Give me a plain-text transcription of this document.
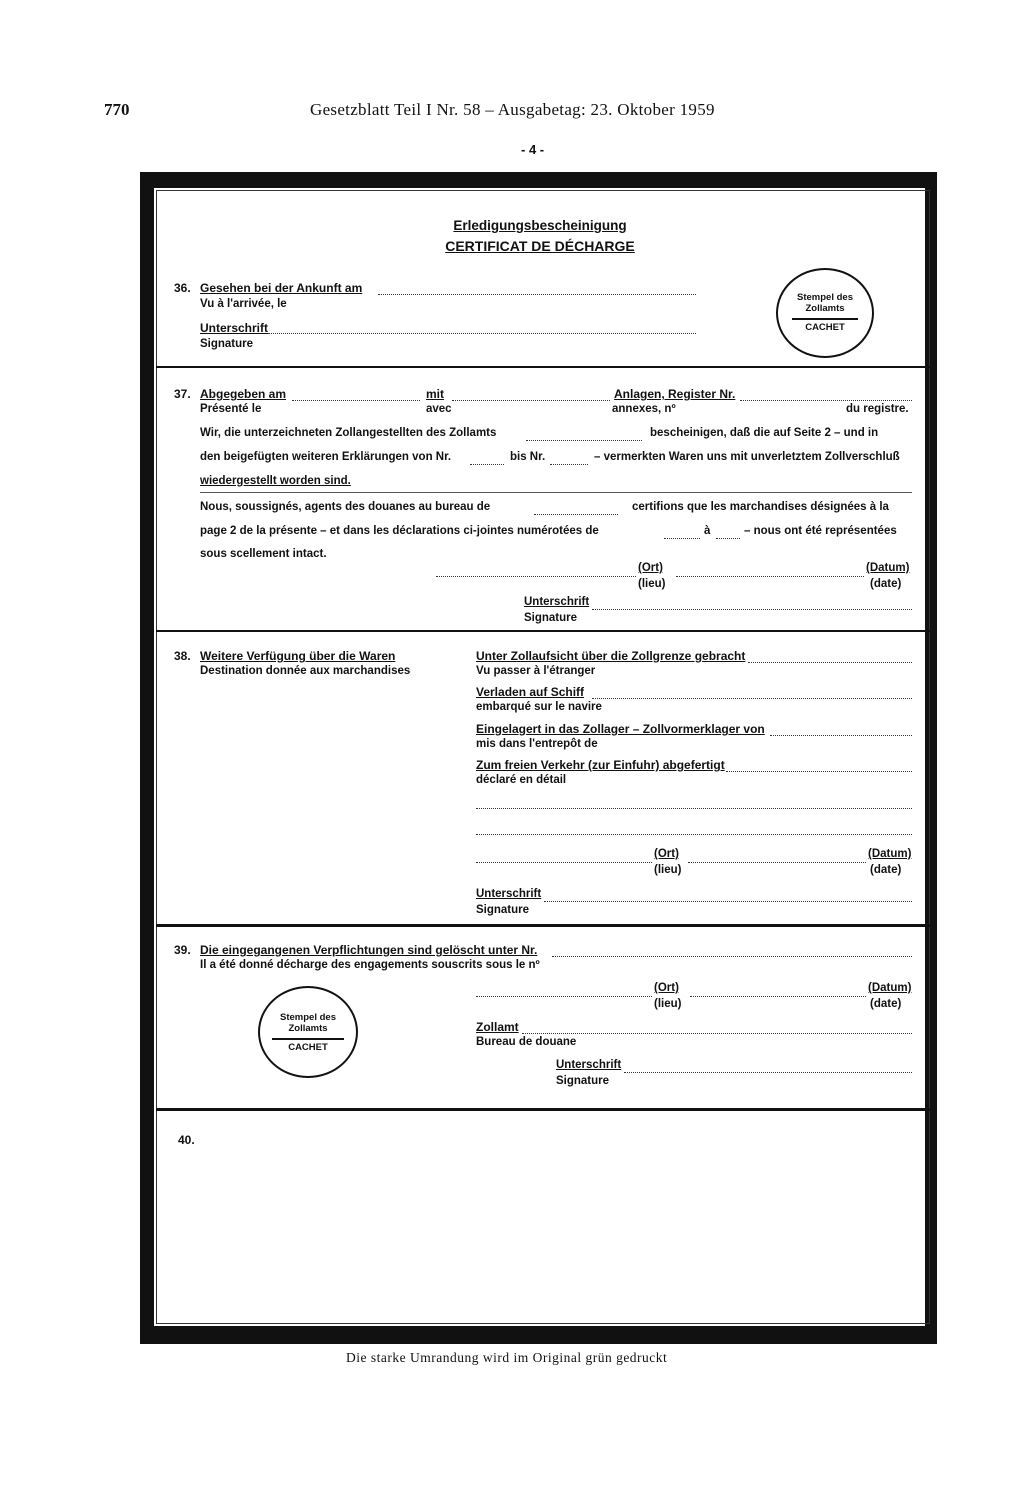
770	Gesetzblatt Teil I Nr. 58 – Ausgabetag: 23. Oktober 1959
- 4 -
Erledigungsbescheinigung
CERTIFICAT DE DÉCHARGE
36. Gesehen bei der Ankunft am
Vu à l'arrivée, le
Unterschrift
Signature
Stempel des
Zollamts
CACHET
37. Abgegeben am
Présenté le
mit
avec
Anlagen, Register Nr.
annexes, nº	du registre.
Wir, die unterzeichneten Zollangestellten des Zollamts	bescheinigen, daß die auf Seite 2 – und in
den beigefügten weiteren Erklärungen von Nr.	bis Nr.	– vermerkten Waren uns mit unverletztem Zollverschluß
wiedergestellt worden sind.
Nous, soussignés, agents des douanes au bureau de	certifions que les marchandises désignées à la
page 2 de la présente – et dans les déclarations ci-jointes numérotées de	à	– nous ont été représentées
sous scellement intact.
(Ort)
(lieu)
(Datum)
(date)
Unterschrift
Signature
38. Weitere Verfügung über die Waren
Destination donnée aux marchandises
Unter Zollaufsicht über die Zollgrenze gebracht
Vu passer à l'étranger
Verladen auf Schiff
embarqué sur le navire
Eingelagert in das Zollager – Zollvormerklager von
mis dans l'entrepôt de
Zum freien Verkehr (zur Einfuhr) abgefertigt
déclaré en détail
(Ort)
(lieu)
(Datum)
(date)
Unterschrift
Signature
39. Die eingegangenen Verpflichtungen sind gelöscht unter Nr.
Il a été donné décharge des engagements souscrits sous le nº
(Ort)
(lieu)
(Datum)
(date)
Zollamt
Bureau de douane
Unterschrift
Signature
Stempel des
Zollamts
CACHET
40.
Die starke Umrandung wird im Original grün gedruckt
